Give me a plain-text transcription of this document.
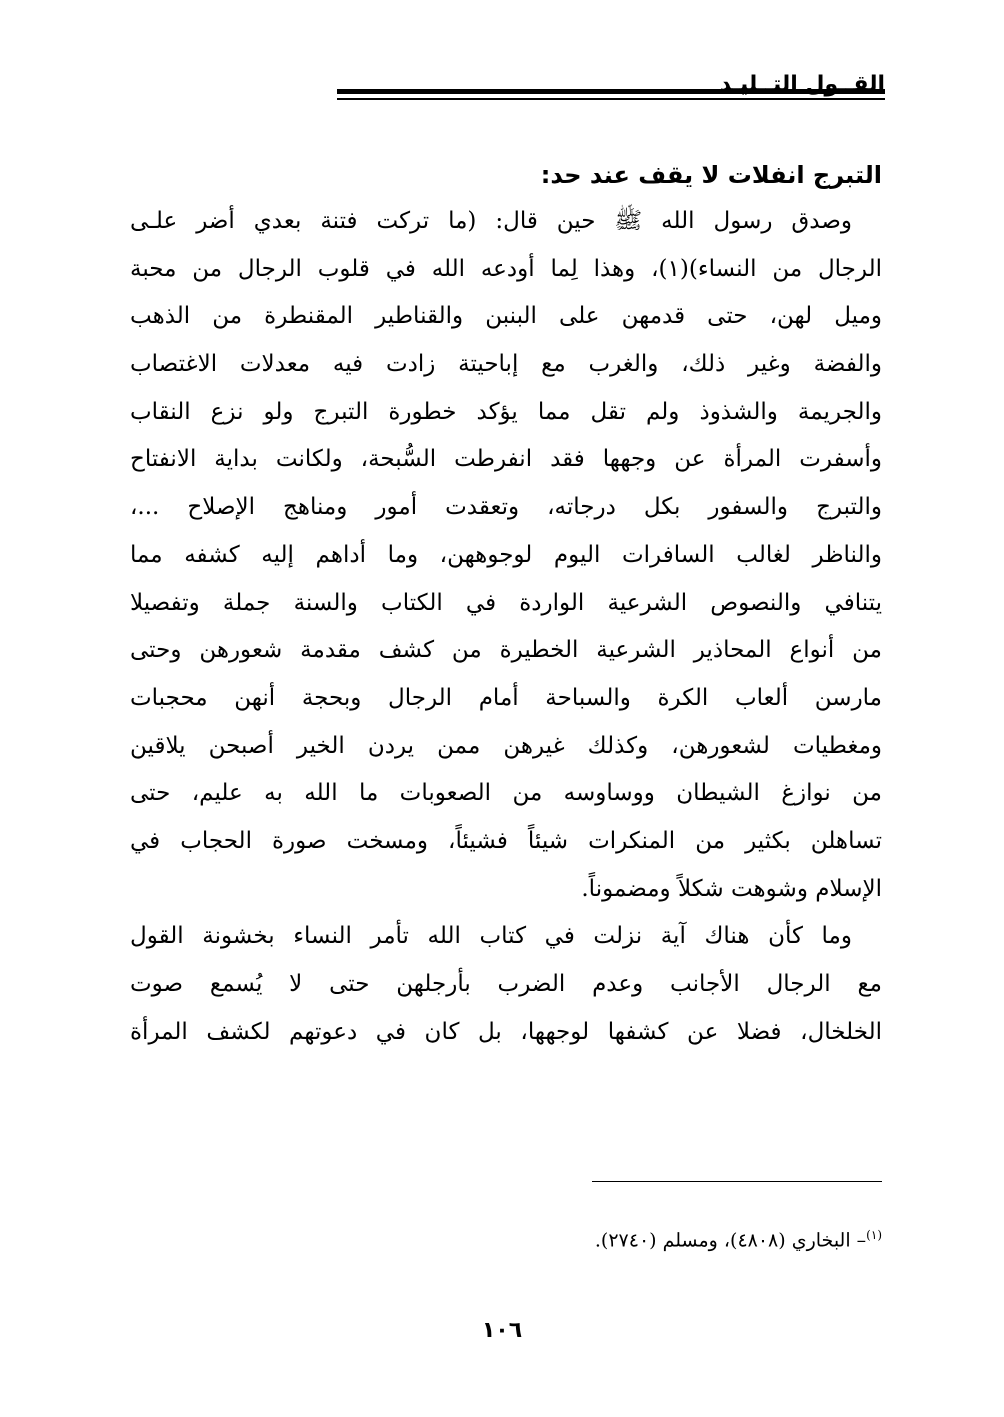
القــول التــليـد
التبرج انفلات لا يقف عند حد:
وصدق رسول الله ﷺ حين قال: (ما تركت فتنة بعدي أضر علـى
الرجال من النساء)(١)، وهذا لِما أودعه الله في قلوب الرجال من محبة
وميل لهن، حتى قدمهن على البنبن والقناطير المقنطرة من الذهب
والفضة وغير ذلك، والغرب مع إباحيتة زادت فيه معدلات الاغتصاب
والجريمة والشذوذ ولم تقل مما يؤكد خطورة التبرج ولو نزع النقاب
وأسفرت المرأة عن وجهها فقد انفرطت السُّبحة، ولكانت بداية الانفتاح
والتبرج والسفور بكل درجاته، وتعقدت أمور ومناهج الإصلاح ...،
والناظر لغالب السافرات اليوم لوجوههن، وما أداهم إليه كشفه مما
يتنافي والنصوص الشرعية الواردة في الكتاب والسنة جملة وتفصيلا
من أنواع المحاذير الشرعية الخطيرة من كشف مقدمة شعورهن وحتى
مارسن ألعاب الكرة والسباحة أمام الرجال وبحجة أنهن محجبات
ومغطيات لشعورهن، وكذلك غيرهن ممن يردن الخير أصبحن يلاقين
من نوازغ الشيطان ووساوسه من الصعوبات ما الله به عليم، حتى
تساهلن بكثير من المنكرات شيئاً فشيئاً، ومسخت صورة الحجاب في
الإسلام وشوهت شكلاً ومضموناً.
وما كأن هناك آية نزلت في كتاب الله تأمر النساء بخشونة القول
مع الرجال الأجانب وعدم الضرب بأرجلهن حتى لا يُسمع صوت
الخلخال، فضلا عن كشفها لوجهها، بل كان في دعوتهم لكشف المرأة
$^{(١)}$– البخاري (٤٨٠٨)، ومسلم (٢٧٤٠).
١٠٦
